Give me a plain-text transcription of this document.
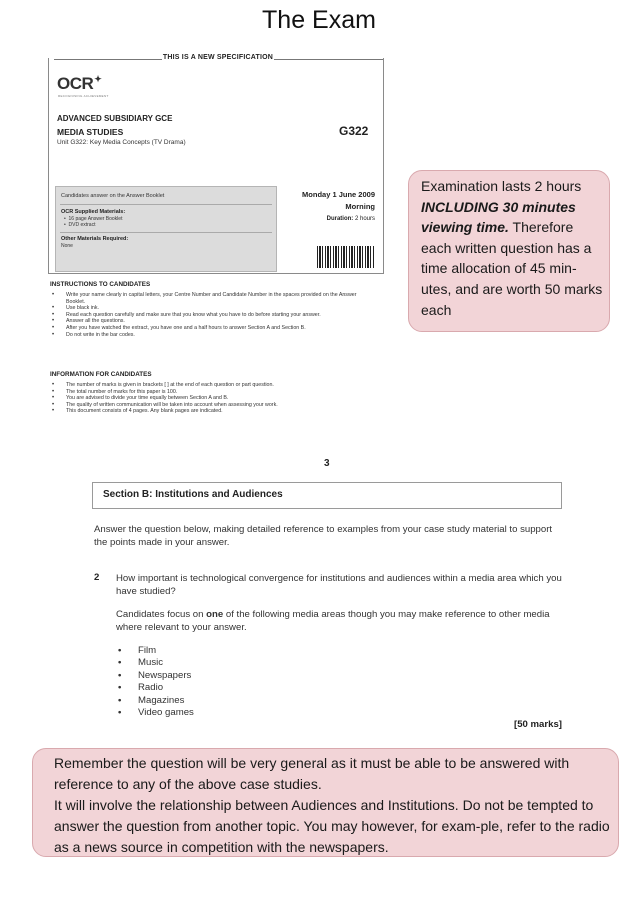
The Exam
THIS IS A NEW SPECIFICATION
OCR✦
RECOGNISING ACHIEVEMENT
ADVANCED SUBSIDIARY GCE
MEDIA STUDIES
Unit G322: Key Media Concepts (TV Drama)
G322
Candidates answer on the Answer Booklet
OCR Supplied Materials:
•  16 page Answer Booklet
•  DVD extract
Other Materials Required:
None
Monday 1 June 2009
Morning
Duration: 2 hours
INSTRUCTIONS TO CANDIDATES
• Write your name clearly in capital letters, your Centre Number and Candidate Number in the spaces provided on the Answer Booklet.
• Use black ink.
• Read each question carefully and make sure that you know what you have to do before starting your answer.
• Answer all the questions.
• After you have watched the extract, you have one and a half hours to answer Section A and Section B.
• Do not write in the bar codes.
INFORMATION FOR CANDIDATES
• The number of marks is given in brackets [ ] at the end of each question or part question.
• The total number of marks for this paper is 100.
• You are advised to divide your time equally between Section A and B.
• The quality of written communication will be taken into account when assessing your work.
• This document consists of 4 pages. Any blank pages are indicated.
Examination lasts 2 hours
INCLUDING 30 minutes viewing time. Therefore each written question has a time allocation of 45 min-utes, and are worth 50 marks each
3
Section B: Institutions and Audiences
Answer the question below, making detailed reference to examples from your case study material to support the points made in your answer.
2 How important is technological convergence for institutions and audiences within a media area which you have studied?
Candidates focus on one of the following media areas though you may make reference to other media where relevant to your answer.
• Film
• Music
• Newspapers
• Radio
• Magazines
• Video games
[50 marks]

Remember the question will be very general as it must be able to be answered with reference to any of the above case studies.

It will involve the relationship between Audiences and Institutions. Do not be tempted to answer the question from another topic. You may however, for exam-ple, refer to the radio as a news source in competition with the newspapers.
